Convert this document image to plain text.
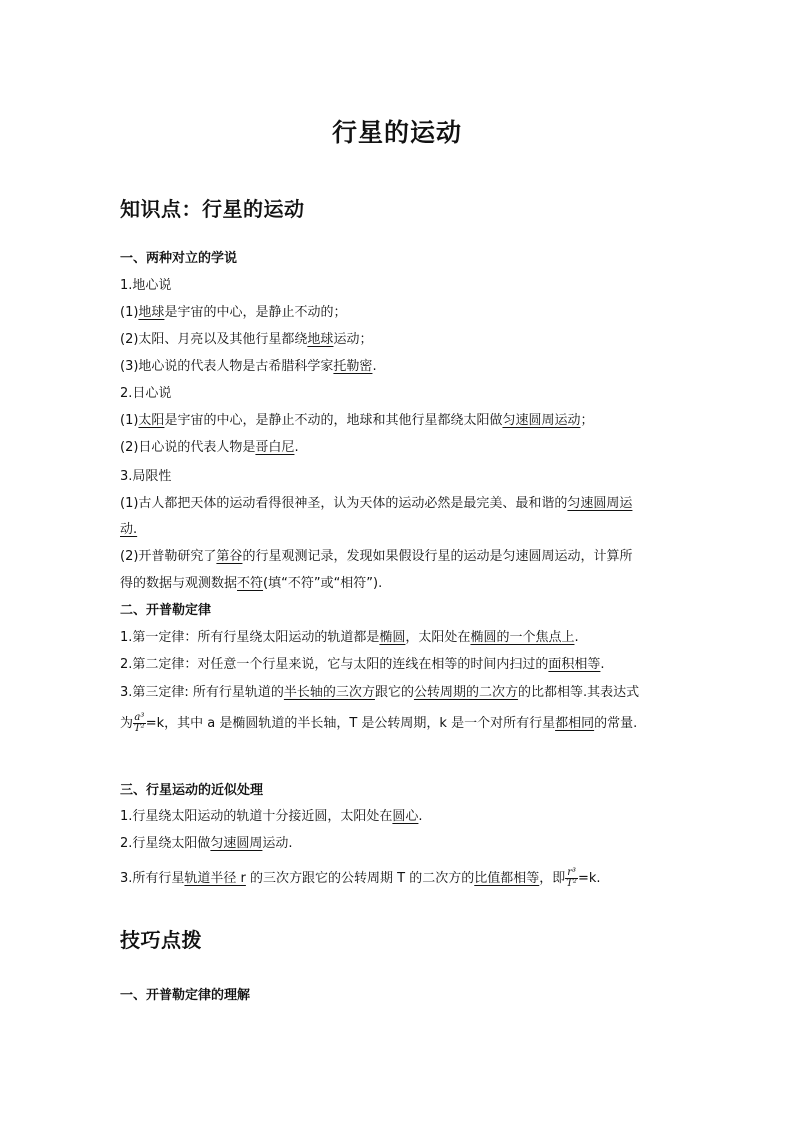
行星的运动
知识点：行星的运动
一、两种对立的学说
1.地心说
(1)地球是宇宙的中心，是静止不动的；
(2)太阳、月亮以及其他行星都绕地球运动；
(3)地心说的代表人物是古希腊科学家托勒密.
2.日心说
(1)太阳是宇宙的中心，是静止不动的，地球和其他行星都绕太阳做匀速圆周运动；
(2)日心说的代表人物是哥白尼.
3.局限性
(1)古人都把天体的运动看得很神圣，认为天体的运动必然是最完美、最和谐的匀速圆周运
动.
(2)开普勒研究了第谷的行星观测记录，发现如果假设行星的运动是匀速圆周运动，计算所
得的数据与观测数据不符(填“不符”或“相符”).
二、开普勒定律
1.第一定律：所有行星绕太阳运动的轨道都是椭圆，太阳处在椭圆的一个焦点上.
2.第二定律：对任意一个行星来说，它与太阳的连线在相等的时间内扫过的面积相等.
3.第三定律: 所有行星轨道的半长轴的三次方跟它的公转周期的二次方的比都相等.其表达式
为 $\frac{\text{a³}}{\text{T²}} =k$，其中 a 是椭圆轨道的半长轴，T 是公转周期，k 是一个对所有行星都相同的常量.
三、行星运动的近似处理
1.行星绕太阳运动的轨道十分接近圆，太阳处在圆心.
2.行星绕太阳做匀速圆周运动.
3.所有行星轨道半径 r 的三次方跟它的公转周期 T 的二次方的比值都相等，即 $\frac{\text{r³}}{\text{T²}} =k$.
技巧点拨
一、开普勒定律的理解
